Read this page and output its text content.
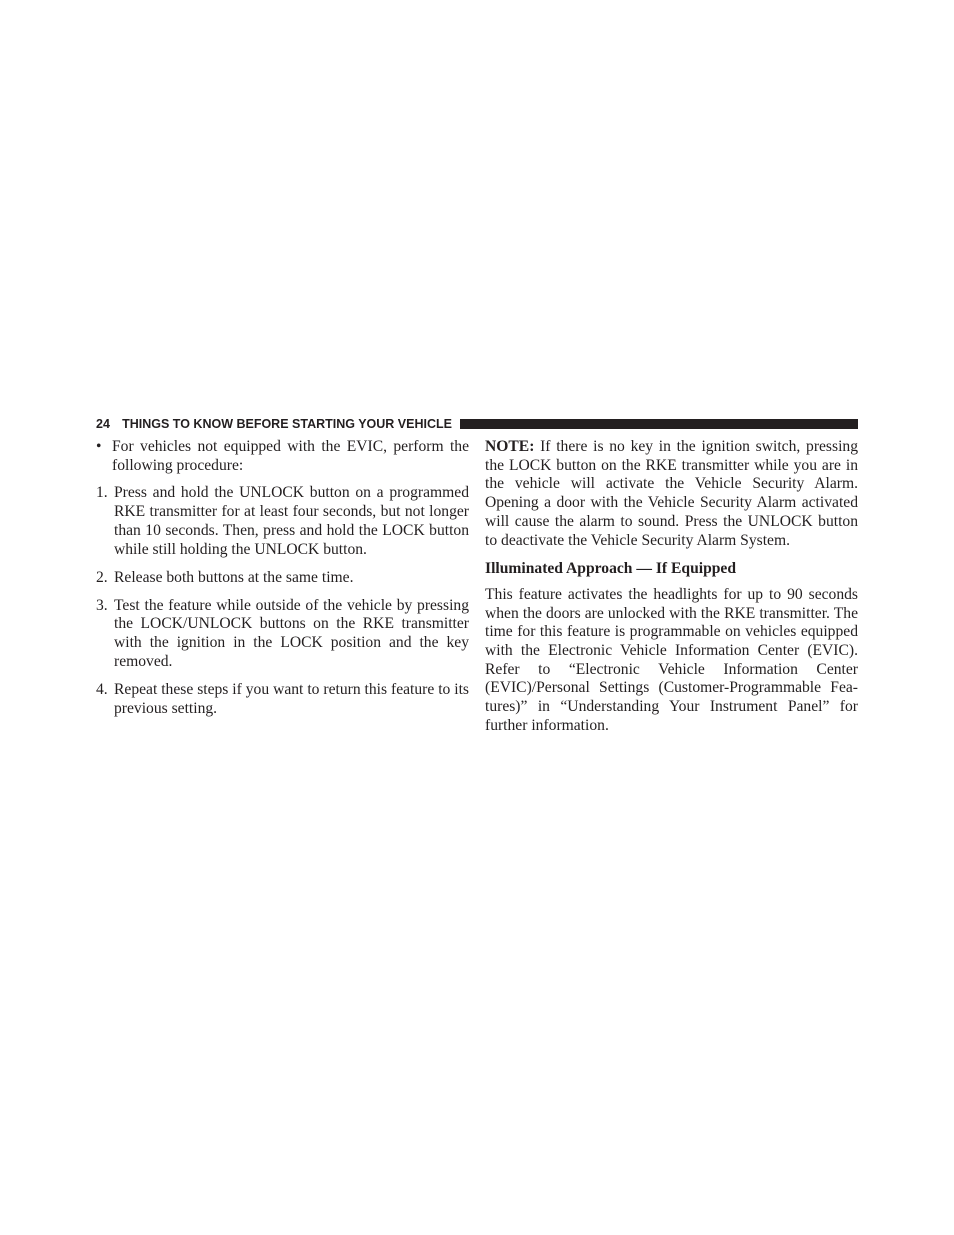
24 THINGS TO KNOW BEFORE STARTING YOUR VEHICLE
• For vehicles not equipped with the EVIC, perform the following procedure:
1. Press and hold the UNLOCK button on a programmed RKE transmitter for at least four seconds, but not longer than 10 seconds. Then, press and hold the LOCK button while still holding the UNLOCK button.
2. Release both buttons at the same time.
3. Test the feature while outside of the vehicle by pressing the LOCK/UNLOCK buttons on the RKE transmitter with the ignition in the LOCK position and the key removed.
4. Repeat these steps if you want to return this feature to its previous setting.

NOTE: If there is no key in the ignition switch, pressing the LOCK button on the RKE transmitter while you are in the vehicle will activate the Vehicle Security Alarm. Opening a door with the Vehicle Security Alarm activated will cause the alarm to sound. Press the UNLOCK button to deactivate the Vehicle Security Alarm System.

Illuminated Approach — If Equipped

This feature activates the headlights for up to 90 seconds when the doors are unlocked with the RKE transmitter. The time for this feature is programmable on vehicles equipped with the Electronic Vehicle Information Center (EVIC). Refer to “Electronic Vehicle Information Center (EVIC)/Personal Settings (Customer-Programmable Features)” in “Understanding Your Instrument Panel” for further information.
